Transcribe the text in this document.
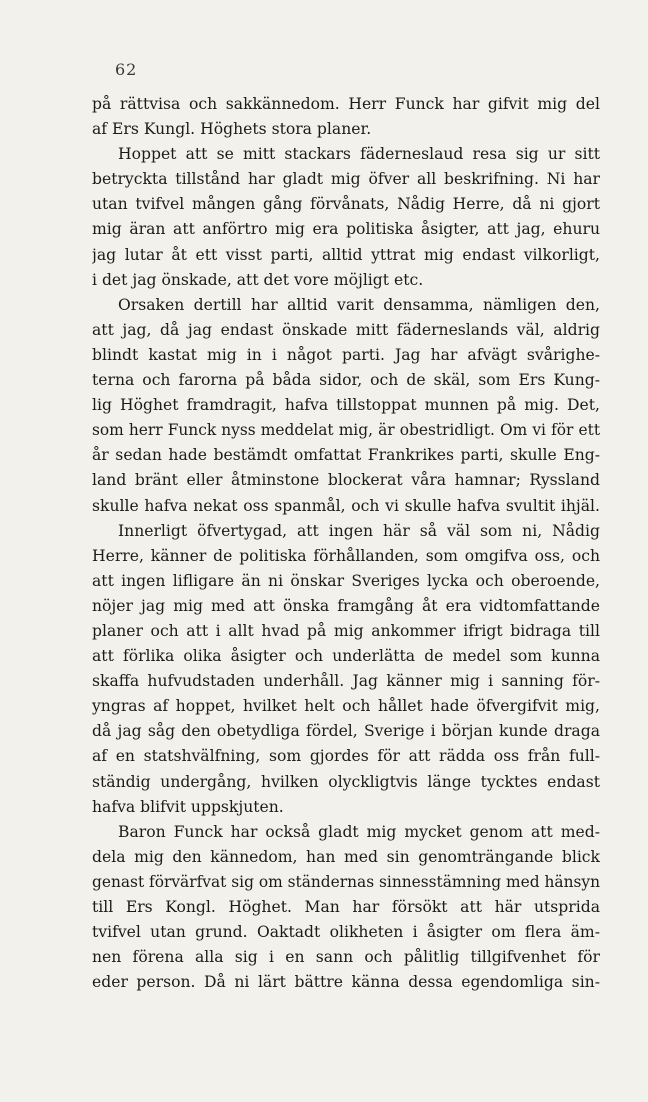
62
på rättvisa och sakkännedom. Herr Funck har gifvit mig del
af Ers Kungl. Höghets stora planer.
Hoppet att se mitt stackars fäderneslaud resa sig ur sitt
betryckta tillstånd har gladt mig öfver all beskrifning. Ni har
utan tvifvel mången gång förvånats, Nådig Herre, då ni gjort
mig äran att anförtro mig era politiska åsigter, att jag, ehuru
jag lutar åt ett visst parti, alltid yttrat mig endast vilkorligt,
i det jag önskade, att det vore möjligt etc.
Orsaken dertill har alltid varit densamma, nämligen den,
att jag, då jag endast önskade mitt fäderneslands väl, aldrig
blindt kastat mig in i något parti. Jag har afvägt svårighe-
terna och farorna på båda sidor, och de skäl, som Ers Kung-
lig Höghet framdragit, hafva tillstoppat munnen på mig. Det,
som herr Funck nyss meddelat mig, är obestridligt. Om vi för ett
år sedan hade bestämdt omfattat Frankrikes parti, skulle Eng-
land bränt eller åtminstone blockerat våra hamnar; Ryssland
skulle hafva nekat oss spanmål, och vi skulle hafva svultit ihjäl.
Innerligt öfvertygad, att ingen här så väl som ni, Nådig
Herre, känner de politiska förhållanden, som omgifva oss, och
att ingen lifligare än ni önskar Sveriges lycka och oberoende,
nöjer jag mig med att önska framgång åt era vidtomfattande
planer och att i allt hvad på mig ankommer ifrigt bidraga till
att förlika olika åsigter och underlätta de medel som kunna
skaffa hufvudstaden underhåll. Jag känner mig i sanning för-
yngras af hoppet, hvilket helt och hållet hade öfvergifvit mig,
då jag såg den obetydliga fördel, Sverige i början kunde draga
af en statshvälfning, som gjordes för att rädda oss från full-
ständig undergång, hvilken olyckligtvis länge tycktes endast
hafva blifvit uppskjuten.
Baron Funck har också gladt mig mycket genom att med-
dela mig den kännedom, han med sin genomträngande blick
genast förvärfvat sig om ständernas sinnesstämning med hänsyn
till Ers Kongl. Höghet. Man har försökt att här utsprida
tvifvel utan grund. Oaktadt olikheten i åsigter om flera äm-
nen förena alla sig i en sann och pålitlig tillgifvenhet för
eder person. Då ni lärt bättre känna dessa egendomliga sin-
